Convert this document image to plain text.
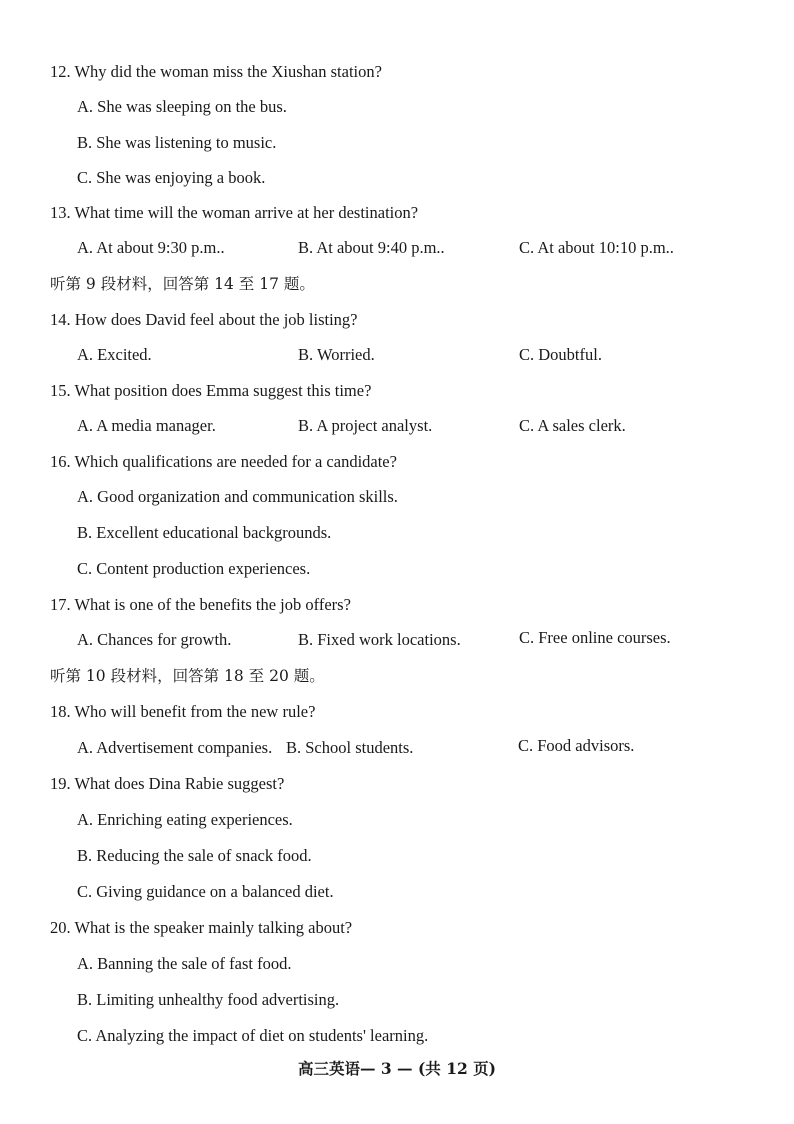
12. Why did the woman miss the Xiushan station?
A. She was sleeping on the bus.
B. She was listening to music.
C. She was enjoying a book.
13. What time will the woman arrive at her destination?
A. At about 9:30 p.m..	B. At about 9:40 p.m..	C. At about 10:10 p.m..
听第 9 段材料，回答第 14 至 17 题。
14. How does David feel about the job listing?
A. Excited.	B. Worried.	C. Doubtful.
15. What position does Emma suggest this time?
A. A media manager.	B. A project analyst.	C. A sales clerk.
16. Which qualifications are needed for a candidate?
A. Good organization and communication skills.
B. Excellent educational backgrounds.
C. Content production experiences.
17. What is one of the benefits the job offers?
A. Chances for growth.	B. Fixed work locations.	C. Free online courses.
听第 10 段材料，回答第 18 至 20 题。
18. Who will benefit from the new rule?
A. Advertisement companies. B. School students.	C. Food advisors.
19. What does Dina Rabie suggest?
A. Enriching eating experiences.
B. Reducing the sale of snack food.
C. Giving guidance on a balanced diet.
20. What is the speaker mainly talking about?
A. Banning the sale of fast food.
B. Limiting unhealthy food advertising.
C. Analyzing the impact of diet on students' learning.
高三英语— 3 — (共 12 页)
